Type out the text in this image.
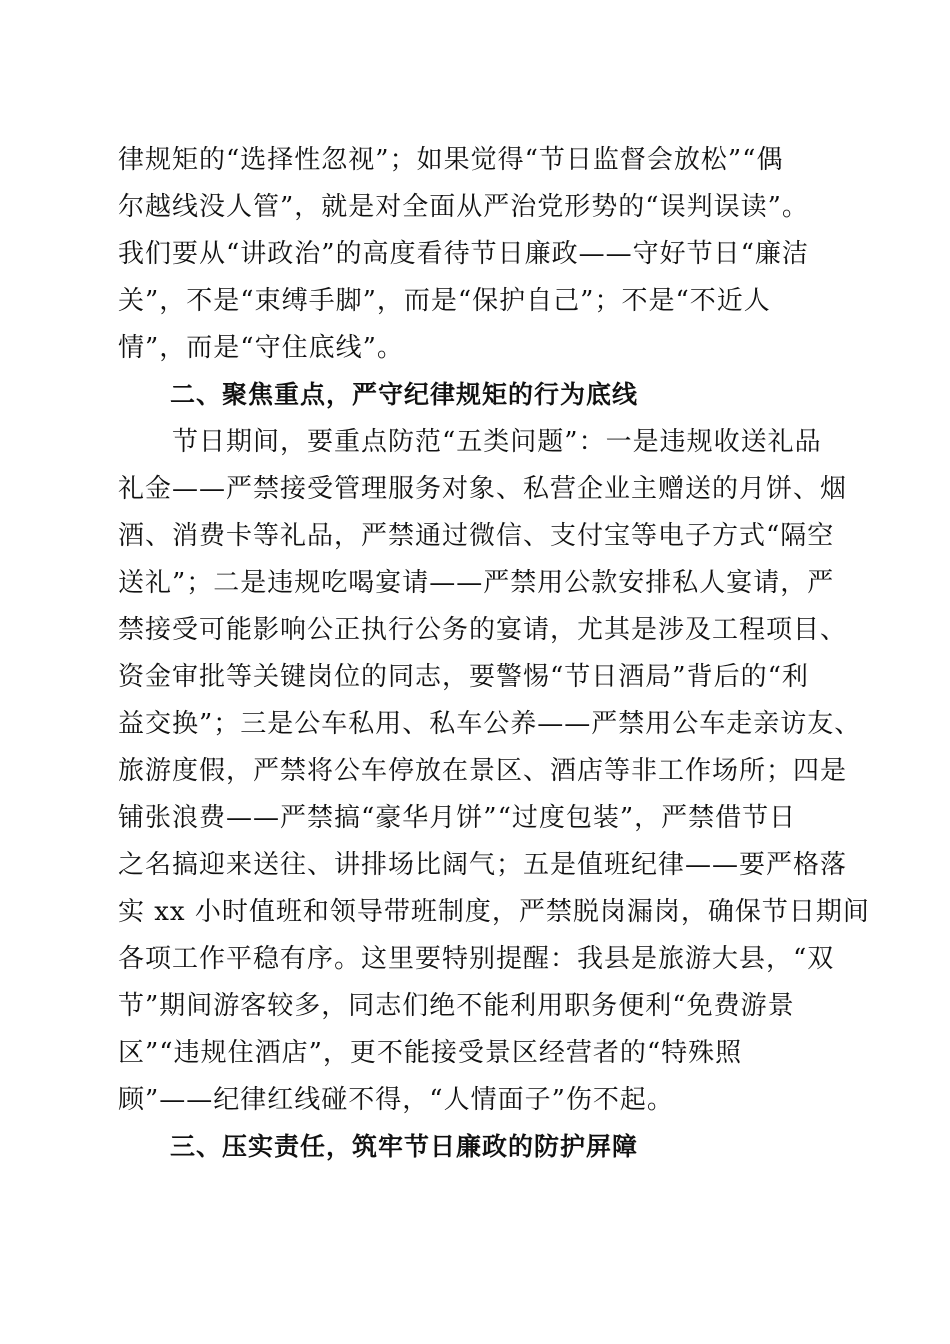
律规矩的“选择性忽视”；如果觉得“节日监督会放松”“偶
尔越线没人管”，就是对全面从严治党形势的“误判误读”。
我们要从“讲政治”的高度看待节日廉政——守好节日“廉洁
关”，不是“束缚手脚”，而是“保护自己”；不是“不近人
情”，而是“守住底线”。
二、聚焦重点，严守纪律规矩的行为底线
　　节日期间，要重点防范“五类问题”：一是违规收送礼品
礼金——严禁接受管理服务对象、私营企业主赠送的月饼、烟
酒、消费卡等礼品，严禁通过微信、支付宝等电子方式“隔空
送礼”；二是违规吃喝宴请——严禁用公款安排私人宴请，严
禁接受可能影响公正执行公务的宴请，尤其是涉及工程项目、
资金审批等关键岗位的同志，要警惕“节日酒局”背后的“利
益交换”；三是公车私用、私车公养——严禁用公车走亲访友、
旅游度假，严禁将公车停放在景区、酒店等非工作场所；四是
铺张浪费——严禁搞“豪华月饼”“过度包装”，严禁借节日
之名搞迎来送往、讲排场比阔气；五是值班纪律——要严格落
实 xx 小时值班和领导带班制度，严禁脱岗漏岗，确保节日期间
各项工作平稳有序。这里要特别提醒：我县是旅游大县，“双
节”期间游客较多，同志们绝不能利用职务便利“免费游景
区”“违规住酒店”，更不能接受景区经营者的“特殊照
顾”——纪律红线碰不得，“人情面子”伤不起。
三、压实责任，筑牢节日廉政的防护屏障
